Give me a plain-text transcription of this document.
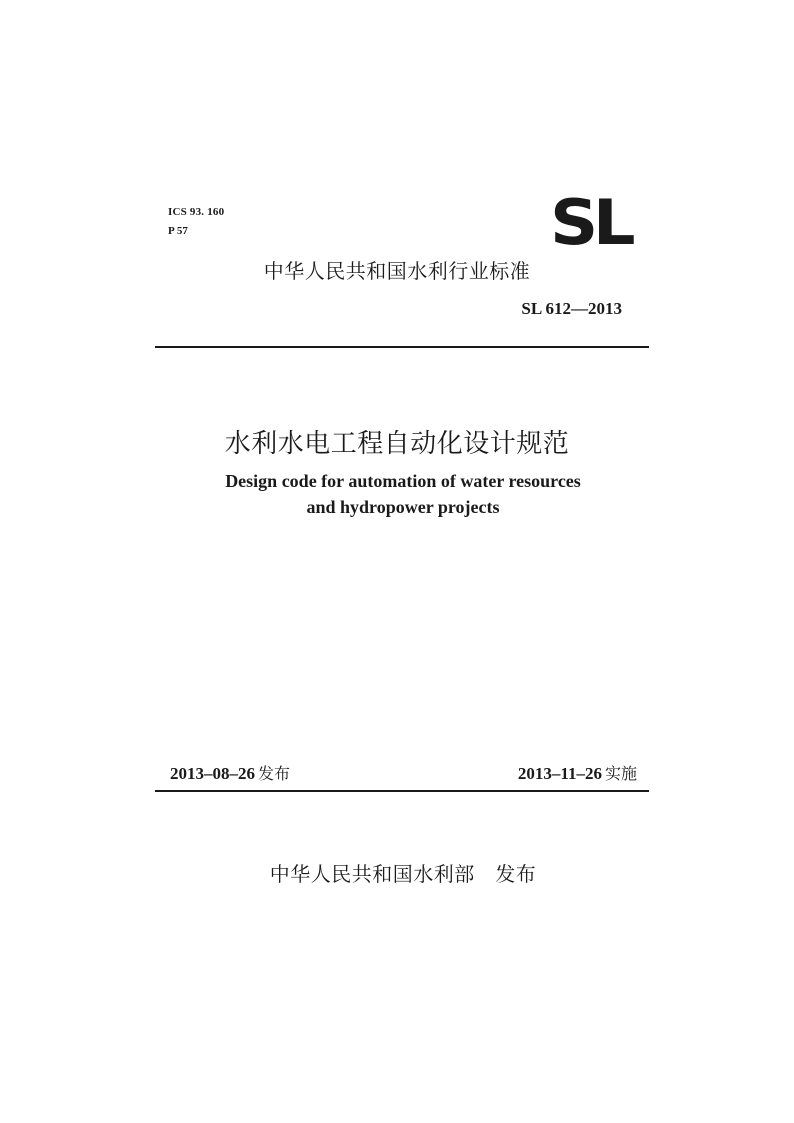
ICS 93. 160
P 57	SL
中华人民共和国水利行业标准
SL 612—2013
水利水电工程自动化设计规范
Design code for automation of water resources
and hydropower projects
2013–08–26 发布	2013–11–26 实施
中华人民共和国水利部 发布
